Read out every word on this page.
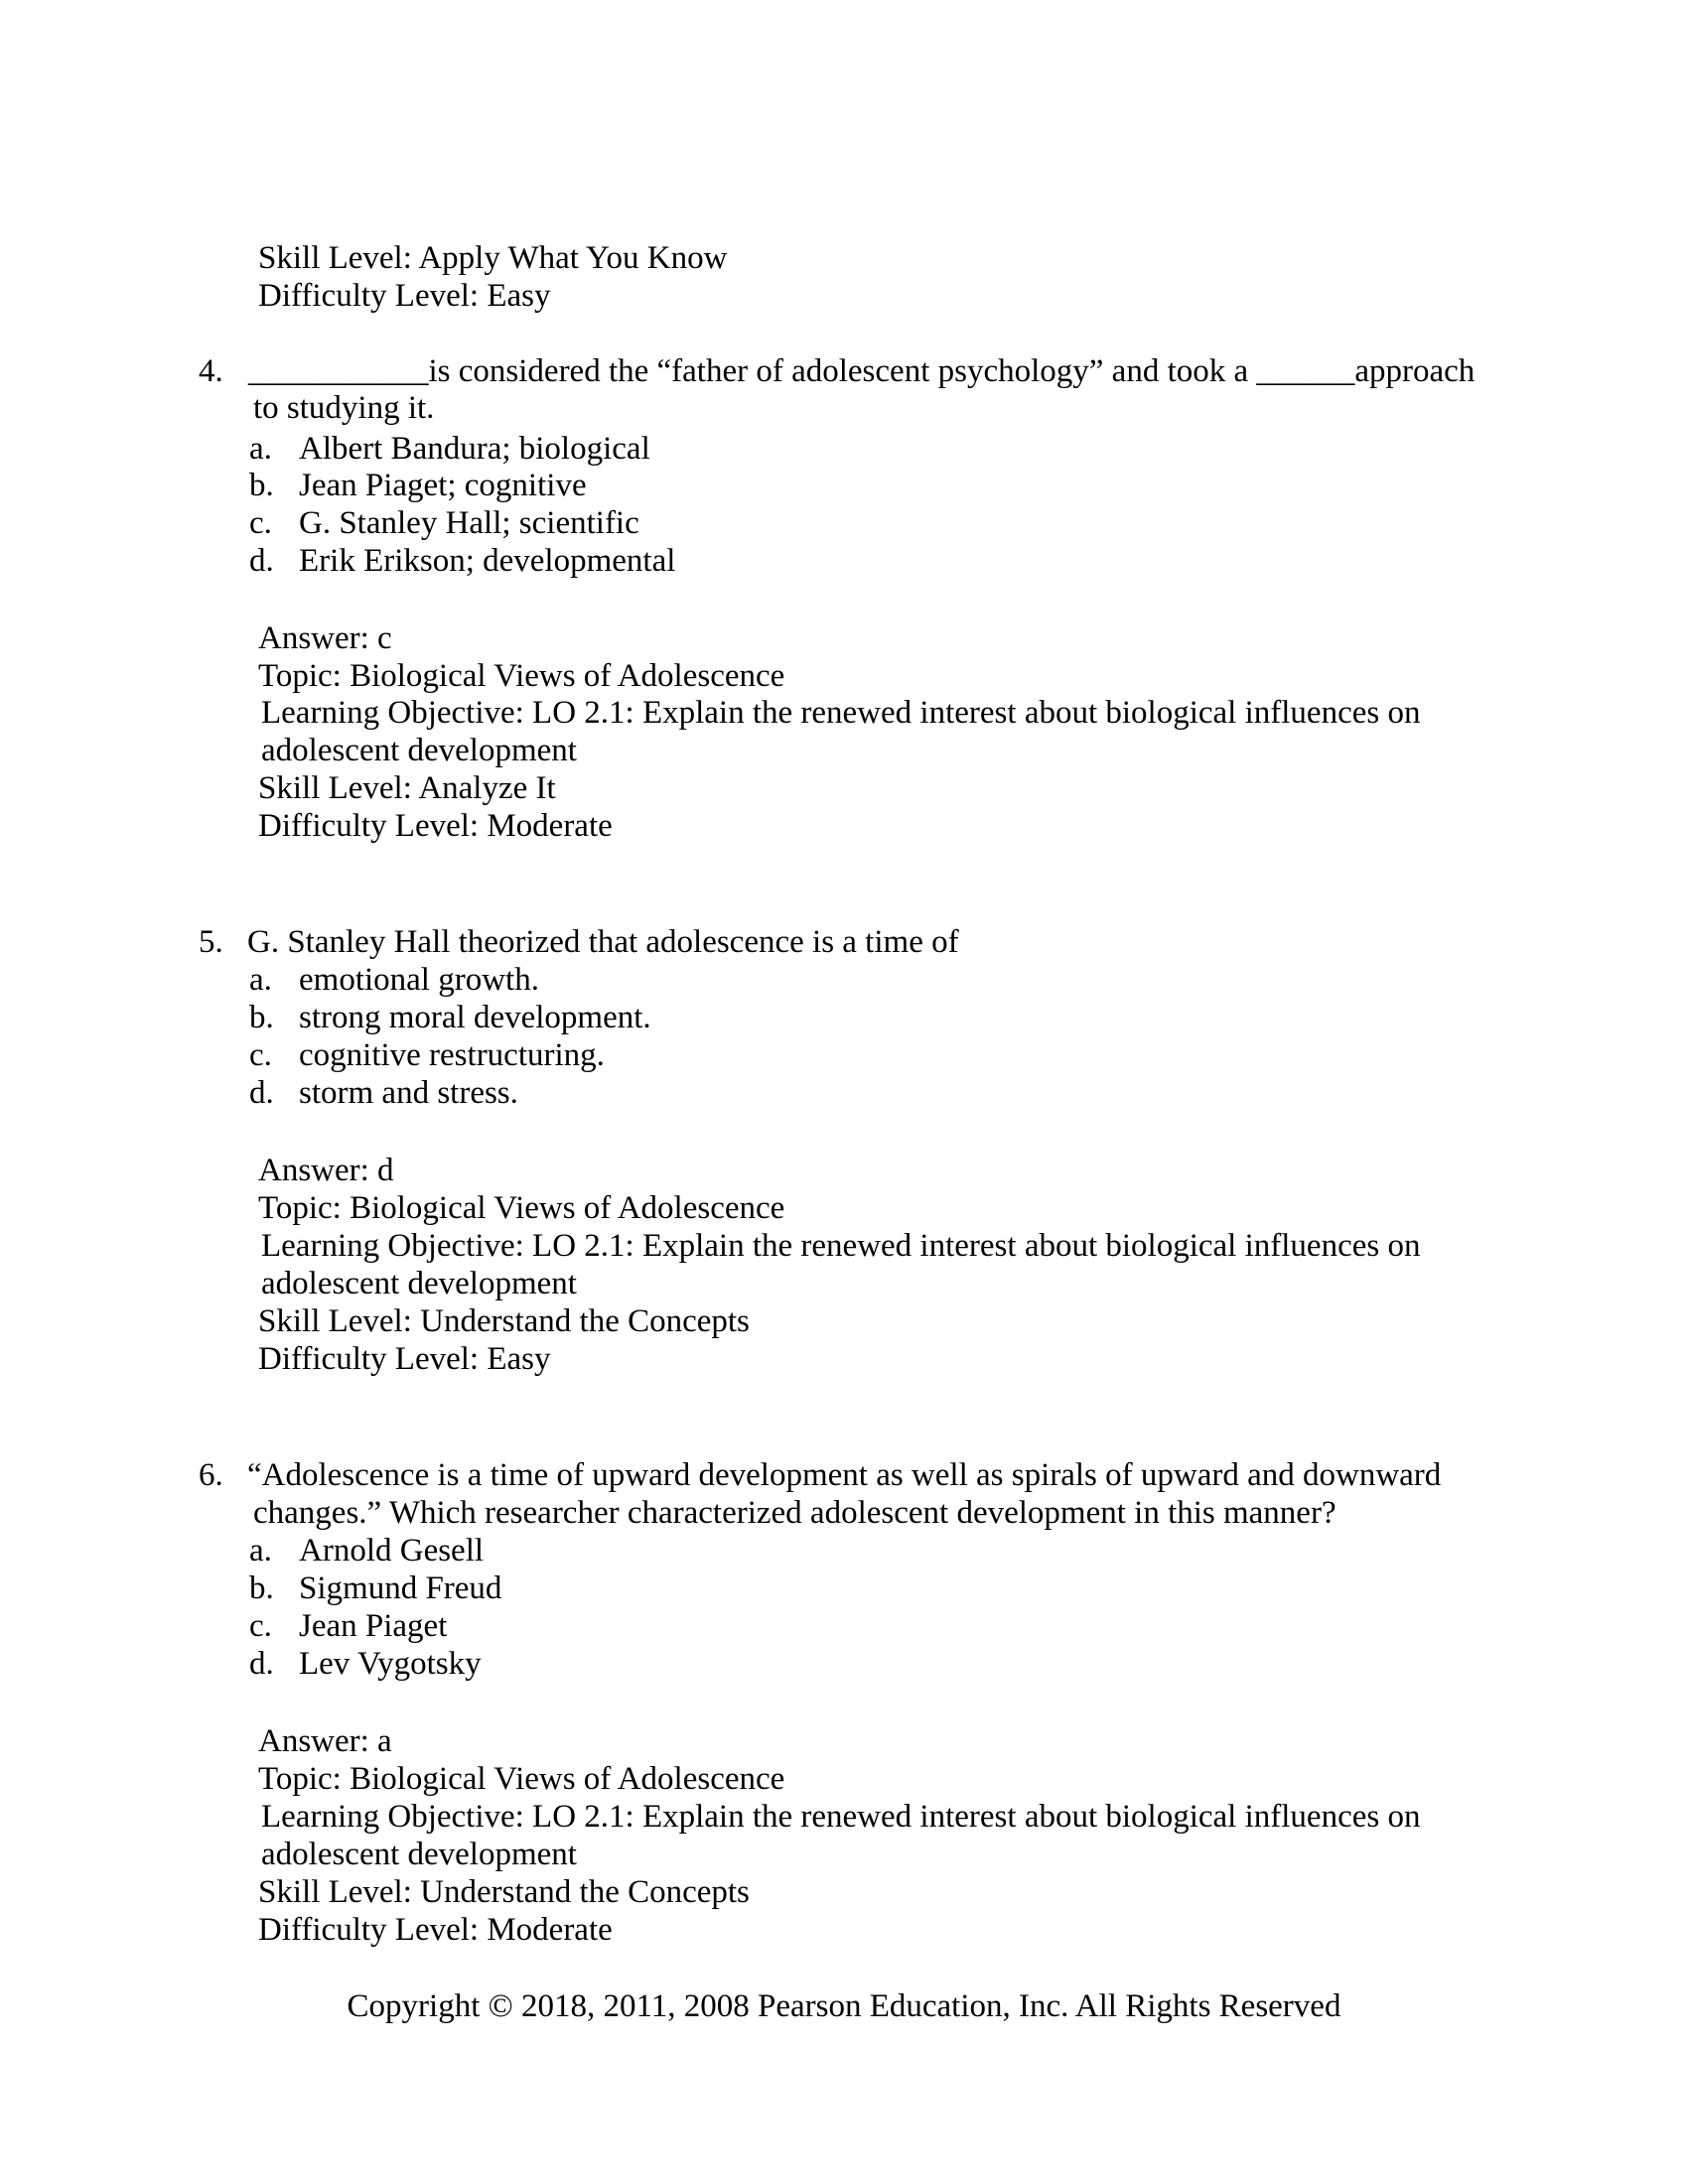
Skill Level: Apply What You Know
Difficulty Level: Easy
4. ___________is considered the “father of adolescent psychology” and took a ______approach
to studying it.
a. Albert Bandura; biological
b. Jean Piaget; cognitive
c. G. Stanley Hall; scientific
d. Erik Erikson; developmental
Answer: c
Topic: Biological Views of Adolescence
Learning Objective: LO 2.1: Explain the renewed interest about biological influences on
adolescent development
Skill Level: Analyze It
Difficulty Level: Moderate
5. G. Stanley Hall theorized that adolescence is a time of
a. emotional growth.
b. strong moral development.
c. cognitive restructuring.
d. storm and stress.
Answer: d
Topic: Biological Views of Adolescence
Learning Objective: LO 2.1: Explain the renewed interest about biological influences on
adolescent development
Skill Level: Understand the Concepts
Difficulty Level: Easy
6. “Adolescence is a time of upward development as well as spirals of upward and downward
changes.” Which researcher characterized adolescent development in this manner?
a. Arnold Gesell
b. Sigmund Freud
c. Jean Piaget
d. Lev Vygotsky
Answer: a
Topic: Biological Views of Adolescence
Learning Objective: LO 2.1: Explain the renewed interest about biological influences on
adolescent development
Skill Level: Understand the Concepts
Difficulty Level: Moderate
Copyright © 2018, 2011, 2008 Pearson Education, Inc. All Rights Reserved
